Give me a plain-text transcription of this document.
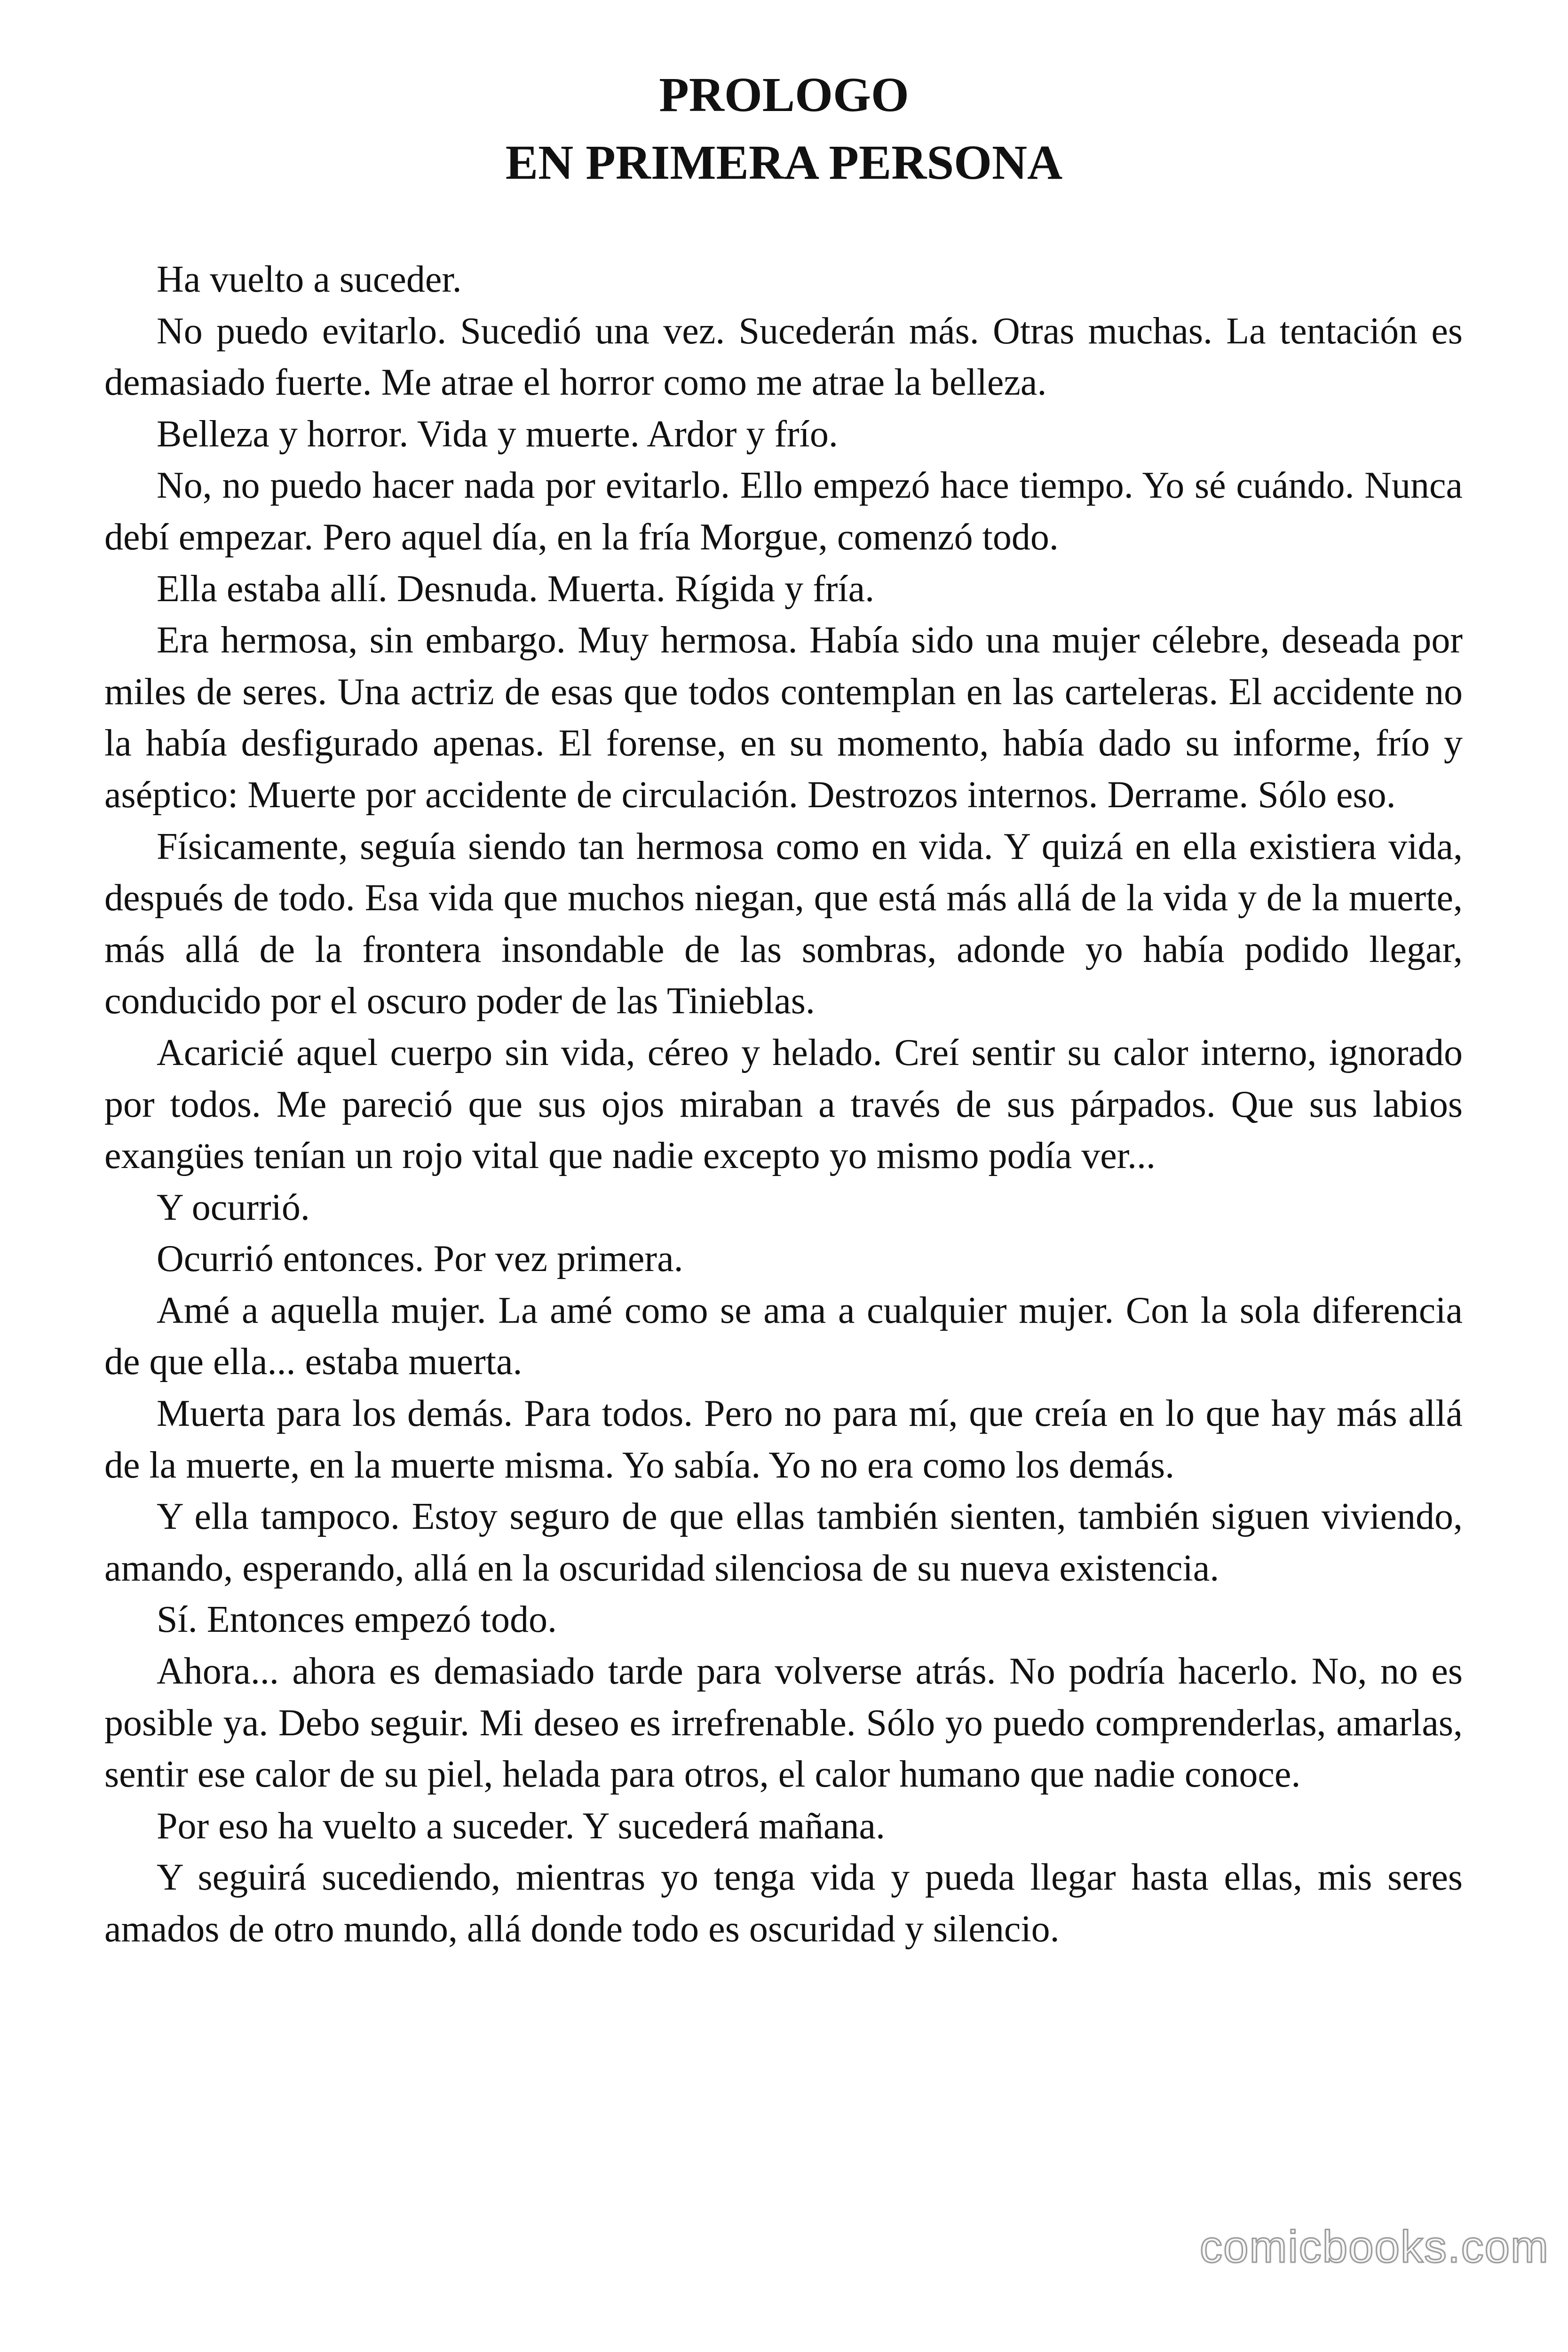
PROLOGO
EN PRIMERA PERSONA

Ha vuelto a suceder.

No puedo evitarlo. Sucedió una vez. Sucederán más. Otras muchas. La tentación es demasiado fuerte. Me atrae el horror como me atrae la belleza.

Belleza y horror. Vida y muerte. Ardor y frío.

No, no puedo hacer nada por evitarlo. Ello empezó hace tiempo. Yo sé cuándo. Nunca debí empezar. Pero aquel día, en la fría Morgue, comenzó todo.

Ella estaba allí. Desnuda. Muerta. Rígida y fría.

Era hermosa, sin embargo. Muy hermosa. Había sido una mujer célebre, deseada por miles de seres. Una actriz de esas que todos contemplan en las carteleras. El accidente no la había desfigurado apenas. El forense, en su momento, había dado su informe, frío y aséptico: Muerte por accidente de circulación. Destrozos internos. Derrame. Sólo eso.

Físicamente, seguía siendo tan hermosa como en vida. Y quizá en ella existiera vida, después de todo. Esa vida que muchos niegan, que está más allá de la vida y de la muerte, más allá de la frontera insondable de las sombras, adonde yo había podido llegar, conducido por el oscuro poder de las Tinieblas.

Acaricié aquel cuerpo sin vida, céreo y helado. Creí sentir su calor interno, ignorado por todos. Me pareció que sus ojos miraban a través de sus párpados. Que sus labios exangües tenían un rojo vital que nadie excepto yo mismo podía ver...

Y ocurrió.

Ocurrió entonces. Por vez primera.

Amé a aquella mujer. La amé como se ama a cualquier mujer. Con la sola diferencia de que ella... estaba muerta.

Muerta para los demás. Para todos. Pero no para mí, que creía en lo que hay más allá de la muerte, en la muerte misma. Yo sabía. Yo no era como los demás.

Y ella tampoco. Estoy seguro de que ellas también sienten, también siguen viviendo, amando, esperando, allá en la oscuridad silenciosa de su nueva existencia.

Sí. Entonces empezó todo.

Ahora... ahora es demasiado tarde para volverse atrás. No podría hacerlo. No, no es posible ya. Debo seguir. Mi deseo es irrefrenable. Sólo yo puedo comprenderlas, amarlas, sentir ese calor de su piel, helada para otros, el calor humano que nadie conoce.

Por eso ha vuelto a suceder. Y sucederá mañana.

Y seguirá sucediendo, mientras yo tenga vida y pueda llegar hasta ellas, mis seres amados de otro mundo, allá donde todo es oscuridad y silencio.

comicbooks.com
